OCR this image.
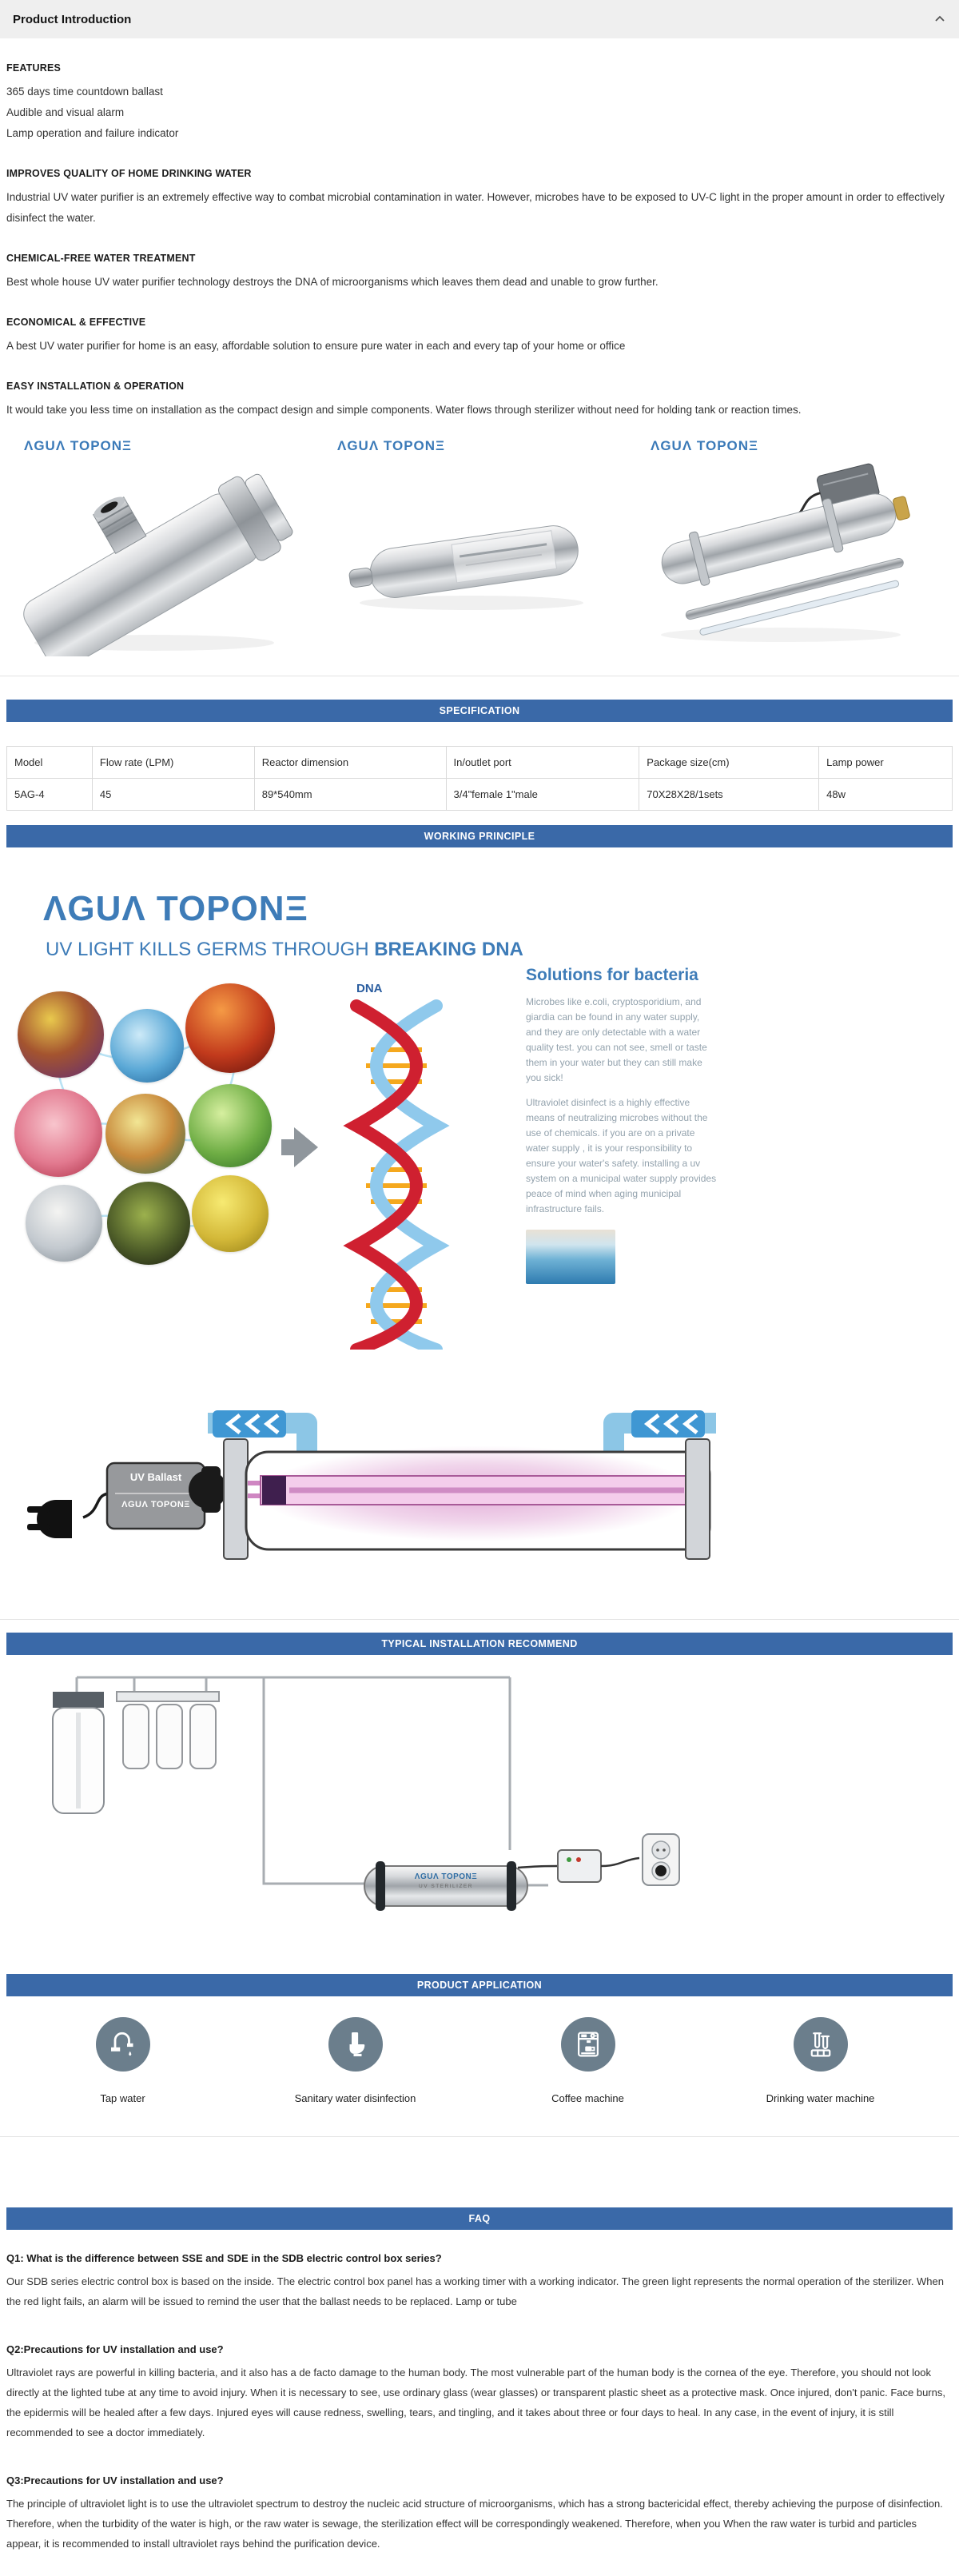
Product Introduction
FEATURES
365 days time countdown ballast
Audible and visual alarm
Lamp operation and failure indicator
IMPROVES QUALITY OF HOME DRINKING WATER
Industrial UV water purifier is an extremely effective way to combat microbial contamination in water. However, microbes have to be exposed to UV-C light in the proper amount in order to effectively disinfect the water.
CHEMICAL-FREE WATER TREATMENT
Best whole house UV water purifier technology destroys the DNA of microorganisms which leaves them dead and unable to grow further.
ECONOMICAL & EFFECTIVE
A best UV water purifier for home is an easy, affordable solution to ensure pure water in each and every tap of your home or office
EASY INSTALLATION & OPERATION
It would take you less time on installation as the compact design and simple components. Water flows through sterilizer without need for holding tank or reaction times.
ΛGUΛ TOPONΞ	ΛGUΛ TOPONΞ	ΛGUΛ TOPONΞ
SPECIFICATION
Model	Flow rate (LPM)	Reactor dimension	In/outlet port	Package size(cm)	Lamp power
5AG-4	45	89*540mm	3/4"female 1"male	70X28X28/1sets	48w
WORKING PRINCIPLE
ΛGUΛ TOPONΞ
UV LIGHT KILLS GERMS THROUGH BREAKING DNA
DNA
Solutions for bacteria

Microbes like e.coli, cryptosporidium, and giardia can be found in any water supply, and they are only detectable with a water quality test. you can not see, smell or taste them in your water but they can still make you sick!

Ultraviolet disinfect is a highly effective means of neutralizing microbes without the use of chemicals. if you are on a private water supply , it is your responsibility to ensure your water's safety. installing a uv system on a municipal water supply provides peace of mind when aging municipal infrastructure fails.

UV Ballast
ΛGUΛ TOPONΞ
TYPICAL INSTALLATION RECOMMEND
ΛGUΛ TOPONΞ
UV STERILIZER
PRODUCT APPLICATION
Tap water	Sanitary water disinfection	Coffee machine	Drinking water machine
FAQ
Q1: What is the difference between SSE and SDE in the SDB electric control box series?
Our SDB series electric control box is based on the inside. The electric control box panel has a working timer with a working indicator. The green light represents the normal operation of the sterilizer. When the red light fails, an alarm will be issued to remind the user that the ballast needs to be replaced. Lamp or tube
Q2:Precautions for UV installation and use?
Ultraviolet rays are powerful in killing bacteria, and it also has a de facto damage to the human body. The most vulnerable part of the human body is the cornea of the eye. Therefore, you should not look directly at the lighted tube at any time to avoid injury. When it is necessary to see, use ordinary glass (wear glasses) or transparent plastic sheet as a protective mask. Once injured, don't panic. Face burns, the epidermis will be healed after a few days. Injured eyes will cause redness, swelling, tears, and tingling, and it takes about three or four days to heal. In any case, in the event of injury, it is still recommended to see a doctor immediately.
Q3:Precautions for UV installation and use?
The principle of ultraviolet light is to use the ultraviolet spectrum to destroy the nucleic acid structure of microorganisms, which has a strong bactericidal effect, thereby achieving the purpose of disinfection. Therefore, when the turbidity of the water is high, or the raw water is sewage, the sterilization effect will be correspondingly weakened. Therefore, when you When the raw water is turbid and particles appear, it is recommended to install ultraviolet rays behind the purification device.
